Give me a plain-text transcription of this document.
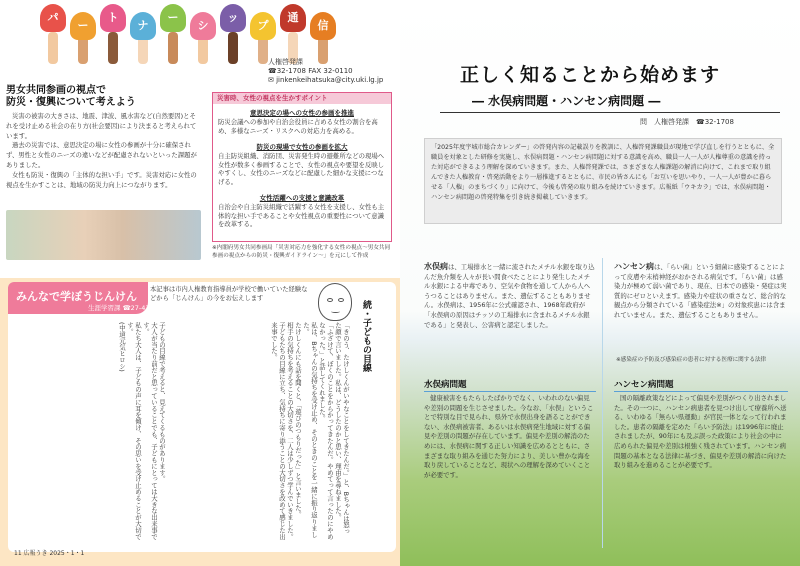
パ
ー
ト
ナ
ー
シ
ッ
プ
通
信
人権啓発課
☎32-1708 FAX 32-0110
✉ jinkenkeihatsuka@city.uki.lg.jp
男女共同参画の視点で
防災・復興について考えよう

災害の被害の大きさは、地震、津波、風水害など(自然要因)とそれを受け止める社会の在り方(社会要因)により決まると考えられています。

過去の災害では、意思決定の場に女性の参画が十分に確保されず、男性と女性のニーズの違いなどが配慮されないといった課題がありました。

女性も防災・復興の「主体的な担い手」です。災害対応に女性の視点を生かすことは、地域の防災力向上につながります。

災害時、女性の視点を生かすポイント
意思決定の場への女性の参画を推進
防災会議への参加や自治会役員に占める女性の割合を高め、多様なニーズ・リスクへの対応力を高める。
防災の現場で女性の参画を拡大
自主防災組織、消防団、災害発生時の避難所などの現場へ女性が数多く参画することで、女性の視点や要望を反映しやすくし、女性のニーズなどに配慮した細かな支援につなげる。
女性活躍への支援と意識改革
自治会や自主防災組織で活躍する女性を支援し、女性も主体的な担い手であることや女性視点の重要性について意識を改革する。
※内閣府男女共同参画局「災害対応力を強化する女性の視点〜男女共同参画の視点からの防災・復興ガイドライン〜」を元にして作成
みんなで学ぼうじんけん
生涯学習課 ☎27-4300
本記事は市内人権教育指導員が学校で働いていた経験などから「じんけん」の今をお伝えします
続・子どもの目線

「きのう、たけしくんがいやなことをしてきたんだ。」と、Bちゃんは怒った顔で言いました。私は、どうしたのかと思い、理由を尋ねました。

「ふざけて、ぼくのことをからかってきたんだ。やめてって言ったのにやめなかった。」と話してくれました。

私は、Bちゃんの気持ちを受け止め、そのときのことを一緒に振り返りました。

たけしくんにも話を聞くと、「遊びのつもりだった」と言いました。

相手の気持ちを考えることの大切さを、二人は少しずつ学んでいきました。

子どもたちの目線に立ち、気持ちに寄り添うことの大切さを改めて感じた出来事でした。

子どもの目線で考えると、見えてくるものがあります。

大人が当たり前だと思っていることでも、子どもにとっては大きな出来事です。

私たち大人は、子どもの声に耳を傾け、その思いを受け止めることが大切です。

(中道元気ヒロシ)

11 広報うき 2025・1・1
正しく知ることから始めます
― 水俣病問題・ハンセン病問題 ―
問　人権啓発課　☎32-1708
「2025年度宇城市総合カレンダー」の啓発内容の記載誤りを教訓に、人権啓発課職員が現地で学び直しを行うとともに、全職員を対象とした研修を実施し、水俣病問題・ハンセン病問題に対する意識を高め、職員一人一人が人権尊重の意識を持った対応ができるよう理解を深めていきます。また、人権啓発課では、さまざまな人権課題の解消に向けて、これまで取り組んできた人権教育・啓発活動をより一層推進するとともに、市民の皆さんにも「お互いを思いやり、一人一人が豊かに暮らせる「人権」のまちづくり」に向けて、今後も啓発の取り組みを続けていきます。広報紙「ウキカラ」では、水俣病問題・ハンセン病問題の啓発特集を引き続き掲載していきます。

水俣病は、工場排水と一緒に流されたメチル水銀を取り込んだ魚介類を人々が長い間食べたことにより発生したメチル水銀による中毒であり、空気や食物を通して人から人へうつることはありません。また、遺伝することもありません。水俣病は、1956年に公式確認され、1968年政府が「水俣病の原因はチッソの工場排水に含まれるメチル水銀である」と発表し、公害病と認定しました。

水俣病問題
健康被害をもたらしたばかりでなく、いわれのない偏見や差別の問題を生じさせました。今なお、「水俣」ということで特別な目で見られ、県外で水俣出身を語ることができない、水俣病被害者、あるいは水俣病発生地域に対する偏見や差別の問題が存在しています。偏見や差別の解消のためには、水俣病に関する正しい知識を広めるとともに、さまざまな取り組みを通じた努力により、美しい豊かな海を取り戻していることなど、現状への理解を深めていくことが必要です。

ハンセン病は、「らい菌」という細菌に感染することによって皮膚や末梢神経がおかされる病気です。「らい菌」は感染力が極めて弱い菌であり、現在、日本での感染・発症は実質的にゼロといえます。感染力や症状の重さなど、総合的な観点から分類されている「感染症法※」の対象疾患には含まれていません。また、遺伝することもありません。

※感染症の予防及び感染症の患者に対する医療に関する法律
ハンセン病問題
国の隔離政策などによって偏見や差別がつくり出されました。その一つに、ハンセン病患者を見つけ出して療養所へ送る、いわゆる「無らい県運動」が官民一体となって行われました。患者の隔離を定めた「らい予防法」は1996年に廃止されましたが、90年にも及ぶ誤った政策により社会の中に広められた偏見や差別は根強く残されています。ハンセン病問題の基本となる法律に基づき、偏見や差別の解消に向けた取り組みを進めることが必要です。
